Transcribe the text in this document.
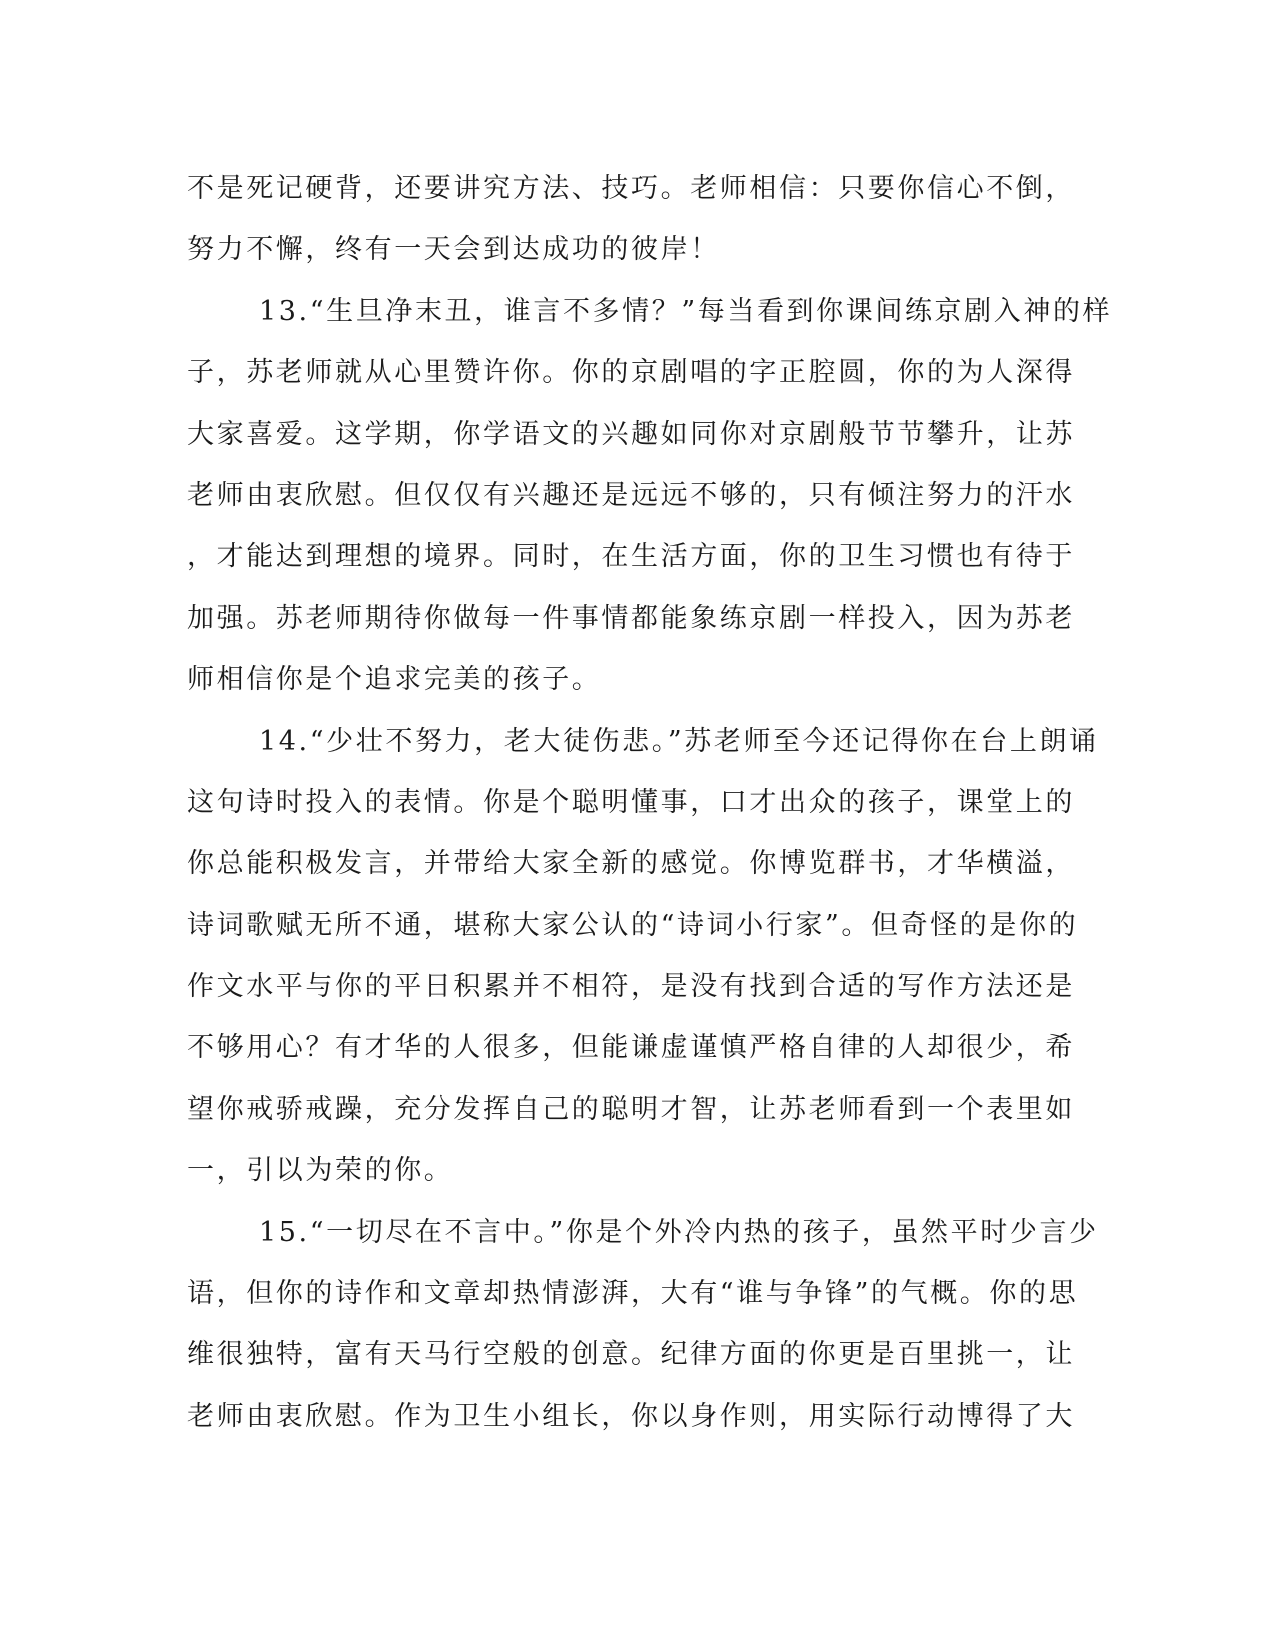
不是死记硬背，还要讲究方法、技巧。老师相信：只要你信心不倒，
努力不懈，终有一天会到达成功的彼岸！
13.“生旦净末丑，谁言不多情？”每当看到你课间练京剧入神的样
子，苏老师就从心里赞许你。你的京剧唱的字正腔圆，你的为人深得
大家喜爱。这学期，你学语文的兴趣如同你对京剧般节节攀升，让苏
老师由衷欣慰。但仅仅有兴趣还是远远不够的，只有倾注努力的汗水
，才能达到理想的境界。同时，在生活方面，你的卫生习惯也有待于
加强。苏老师期待你做每一件事情都能象练京剧一样投入，因为苏老
师相信你是个追求完美的孩子。
14.“少壮不努力，老大徒伤悲。”苏老师至今还记得你在台上朗诵
这句诗时投入的表情。你是个聪明懂事，口才出众的孩子，课堂上的
你总能积极发言，并带给大家全新的感觉。你博览群书，才华横溢，
诗词歌赋无所不通，堪称大家公认的“诗词小行家”。但奇怪的是你的
作文水平与你的平日积累并不相符，是没有找到合适的写作方法还是
不够用心？有才华的人很多，但能谦虚谨慎严格自律的人却很少，希
望你戒骄戒躁，充分发挥自己的聪明才智，让苏老师看到一个表里如
一，引以为荣的你。
15.“一切尽在不言中。”你是个外冷内热的孩子，虽然平时少言少
语，但你的诗作和文章却热情澎湃，大有“谁与争锋”的气概。你的思
维很独特，富有天马行空般的创意。纪律方面的你更是百里挑一，让
老师由衷欣慰。作为卫生小组长，你以身作则，用实际行动博得了大
